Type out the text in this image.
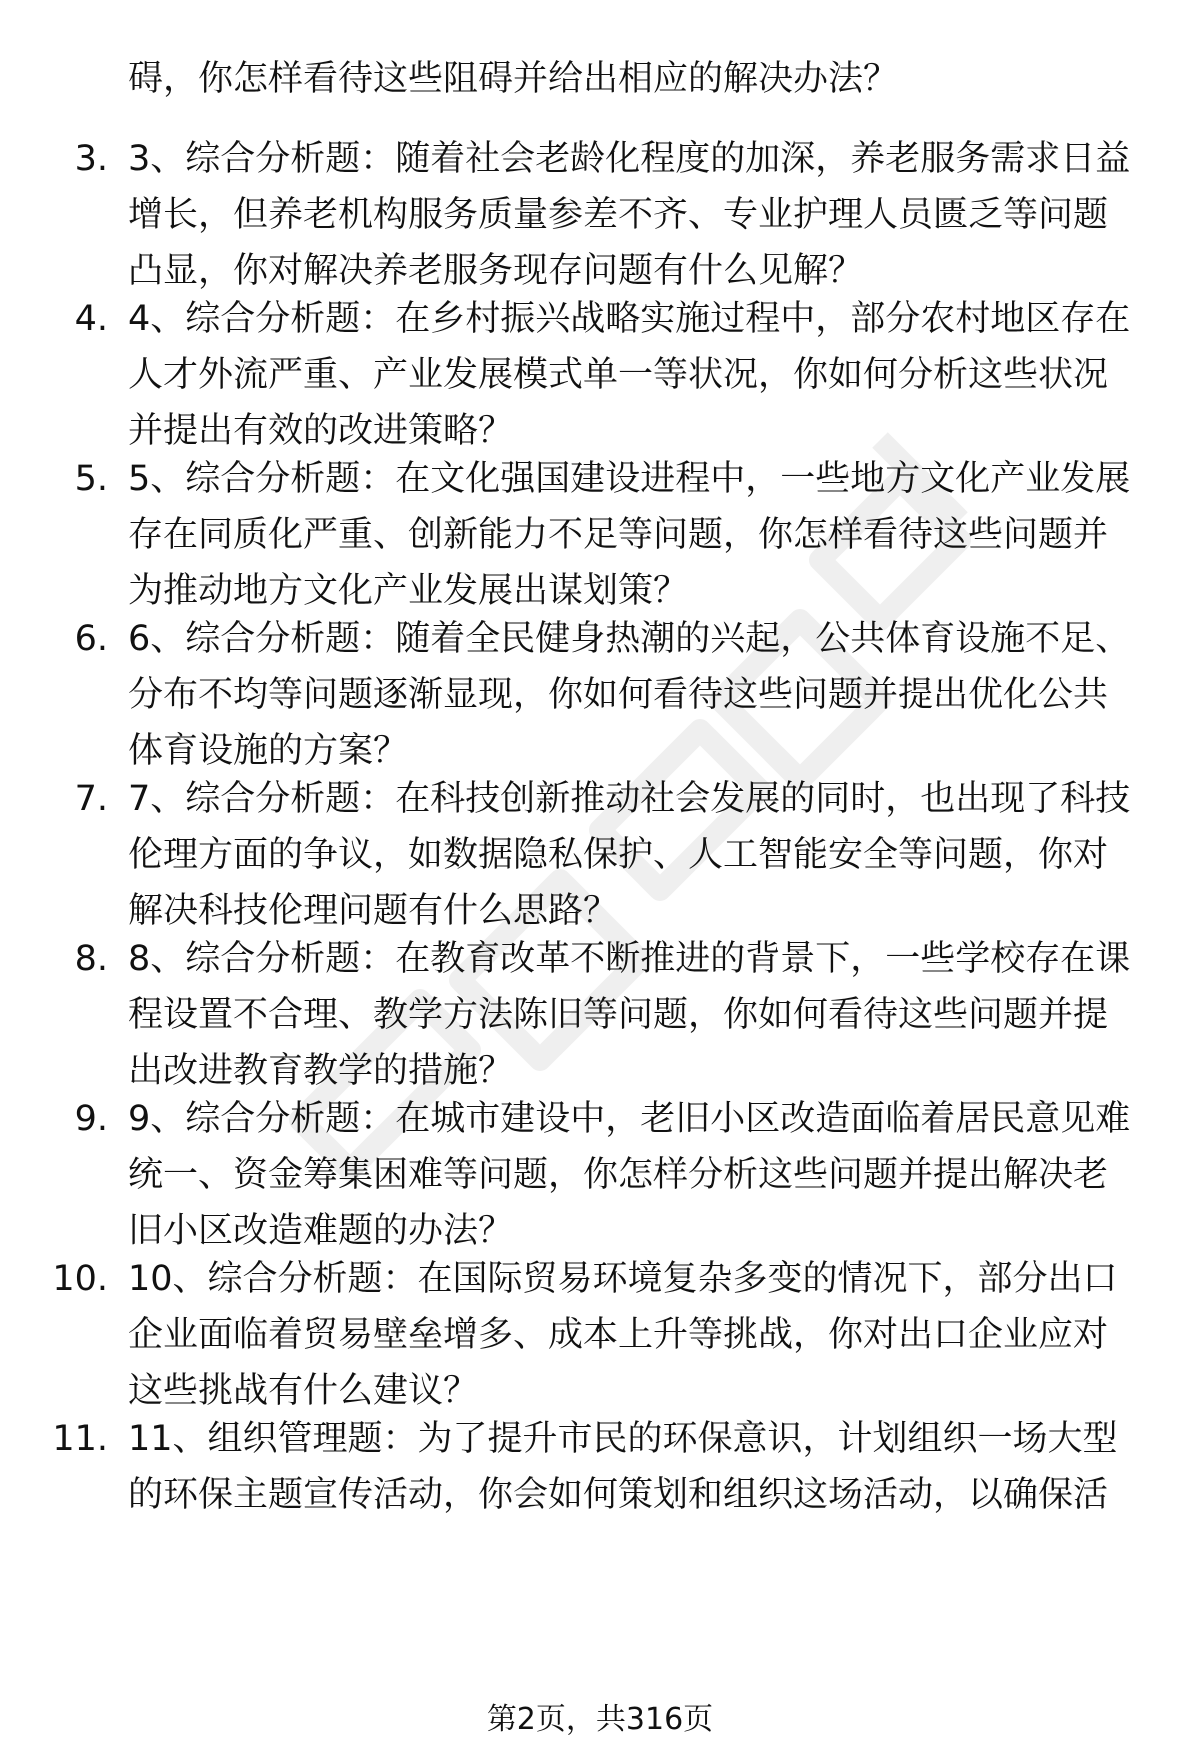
碍，你怎样看待这些阻碍并给出相应的解决办法？
3. 3、综合分析题：随着社会老龄化程度的加深，养老服务需求日益
增长，但养老机构服务质量参差不齐、专业护理人员匮乏等问题
凸显，你对解决养老服务现存问题有什么见解？
4. 4、综合分析题：在乡村振兴战略实施过程中，部分农村地区存在
人才外流严重、产业发展模式单一等状况，你如何分析这些状况
并提出有效的改进策略？
5. 5、综合分析题：在文化强国建设进程中，一些地方文化产业发展
存在同质化严重、创新能力不足等问题，你怎样看待这些问题并
为推动地方文化产业发展出谋划策？
6. 6、综合分析题：随着全民健身热潮的兴起，公共体育设施不足、
分布不均等问题逐渐显现，你如何看待这些问题并提出优化公共
体育设施的方案？
7. 7、综合分析题：在科技创新推动社会发展的同时，也出现了科技
伦理方面的争议，如数据隐私保护、人工智能安全等问题，你对
解决科技伦理问题有什么思路？
8. 8、综合分析题：在教育改革不断推进的背景下，一些学校存在课
程设置不合理、教学方法陈旧等问题，你如何看待这些问题并提
出改进教育教学的措施？
9. 9、综合分析题：在城市建设中，老旧小区改造面临着居民意见难
统一、资金筹集困难等问题，你怎样分析这些问题并提出解决老
旧小区改造难题的办法？
10. 10、综合分析题：在国际贸易环境复杂多变的情况下，部分出口
企业面临着贸易壁垒增多、成本上升等挑战，你对出口企业应对
这些挑战有什么建议？
11. 11、组织管理题：为了提升市民的环保意识，计划组织一场大型
的环保主题宣传活动，你会如何策划和组织这场活动，以确保活
第2页，共316页
